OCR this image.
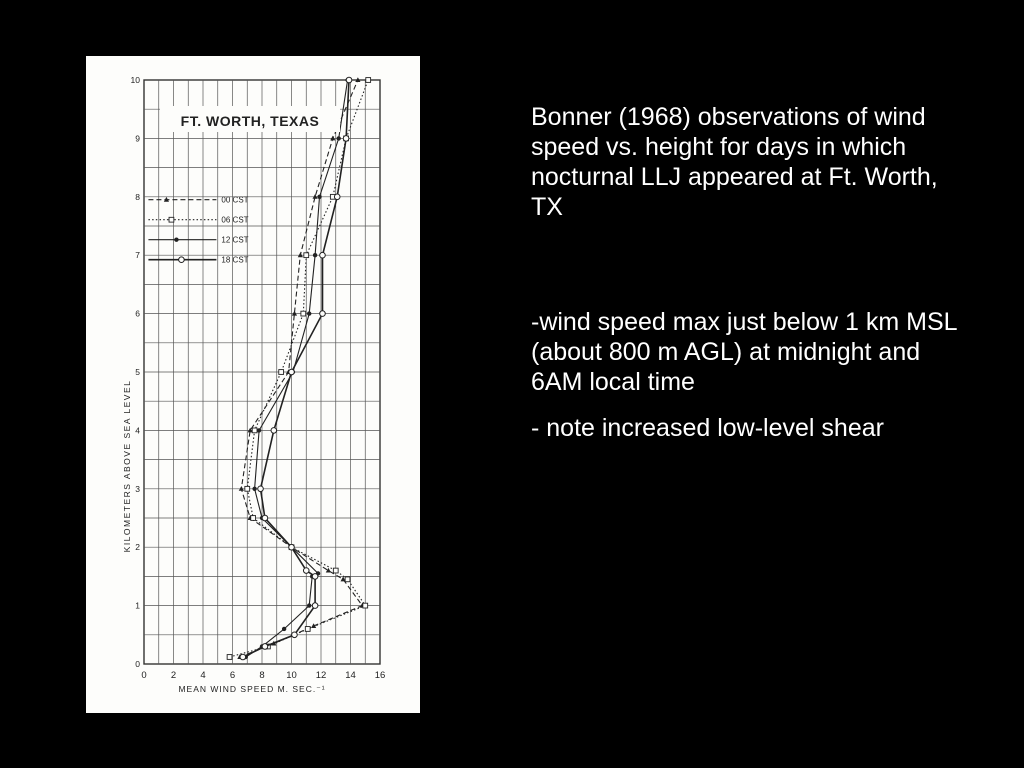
0	2	4	6	8 10 12 14 16
0
1
2
3
4
5
6
7
8
9
10
FT. WORTH, TEXAS
00 CST
06 CST
12 CST
18 CST
KILOMETERS ABOVE SEA LEVEL
MEAN WIND SPEED M. SEC.⁻¹

Bonner (1968) observations of wind speed vs. height for days in which nocturnal LLJ appeared at Ft. Worth, TX

-wind speed max just below 1 km MSL (about 800 m AGL) at midnight and 6AM local time

- note increased low-level shear
